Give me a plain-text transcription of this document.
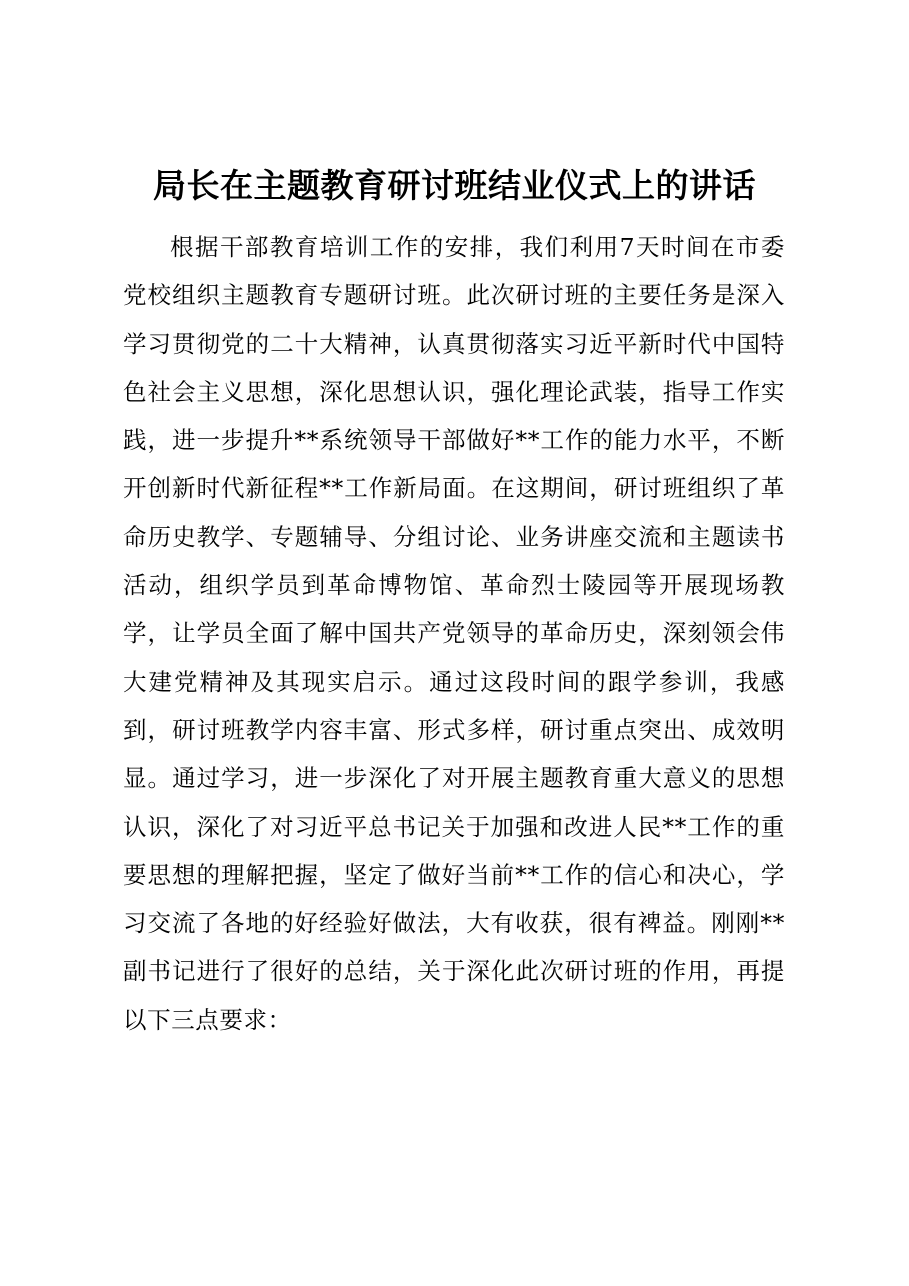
局长在主题教育研讨班结业仪式上的讲话

根据干部教育培训工作的安排，我们利用7天时间在市委党校组织主题教育专题研讨班。此次研讨班的主要任务是深入学习贯彻党的二十大精神，认真贯彻落实习近平新时代中国特色社会主义思想，深化思想认识，强化理论武装，指导工作实践，进一步提升**系统领导干部做好**工作的能力水平，不断开创新时代新征程**工作新局面。在这期间，研讨班组织了革命历史教学、专题辅导、分组讨论、业务讲座交流和主题读书活动，组织学员到革命博物馆、革命烈士陵园等开展现场教学，让学员全面了解中国共产党领导的革命历史，深刻领会伟大建党精神及其现实启示。通过这段时间的跟学参训，我感到，研讨班教学内容丰富、形式多样，研讨重点突出、成效明显。通过学习，进一步深化了对开展主题教育重大意义的思想认识，深化了对习近平总书记关于加强和改进人民**工作的重要思想的理解把握，坚定了做好当前**工作的信心和决心，学习交流了各地的好经验好做法，大有收获，很有裨益。刚刚**副书记进行了很好的总结，关于深化此次研讨班的作用，再提以下三点要求：
